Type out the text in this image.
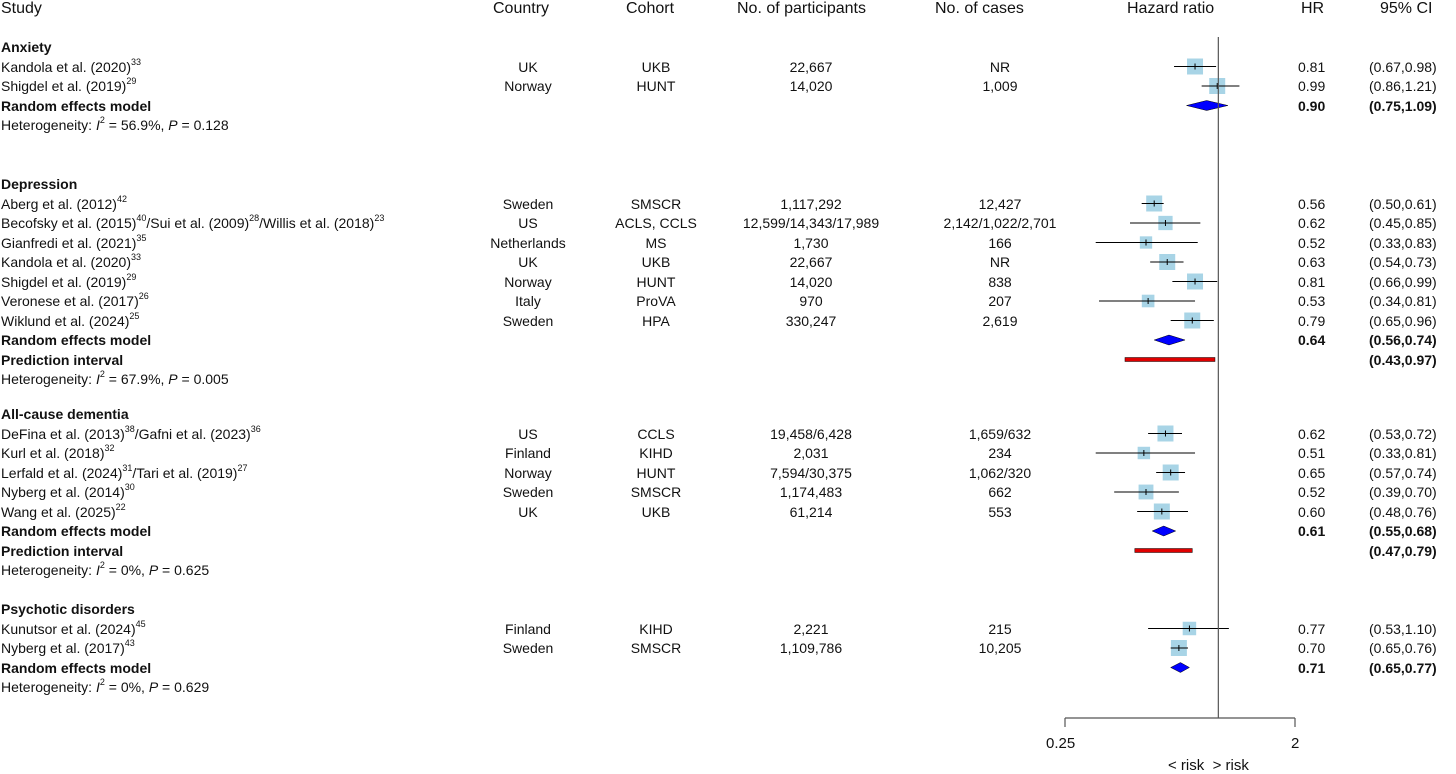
Study	Country	Cohort	No. of participants	No. of cases	Hazard ratio	HR	95% CI
Anxiety
Kandola et al. $(2020)^{33}$	UK	UKB	22,667	NR	0.81	(0.67,0.98)
Shigdel et al. $(2019)^{29}$	Norway	HUNT	14,020	1,009	0.99	(0.86,1.21)
Random effects model	0.90	(0.75,1.09)
Heterogeneity: $I^2 = 56.9\%$, P = 0.128
Depression
Aberg et al. $(2012)^{42}$	Sweden	SMSCR	1,117,292	12,427	0.56	(0.50,0.61)
Becofsky et al. $(2015)^{40}$/Sui et al. $(2009)^{28}$/Willis et al. $(2018)^{23}$	US	ACLS, CCLS	12,599/14,343/17,989	2,142/1,022/2,701	0.62	(0.45,0.85)
Gianfredi et al. $(2021)^{35}$	Netherlands	MS	1,730	166	0.52	(0.33,0.83)
Kandola et al. $(2020)^{33}$	UK	UKB	22,667	NR	0.63	(0.54,0.73)
Shigdel et al. $(2019)^{29}$	Norway	HUNT	14,020	838	0.81	(0.66,0.99)
Veronese et al. $(2017)^{26}$	Italy	ProVA	970	207	0.53	(0.34,0.81)
Wiklund et al. $(2024)^{25}$	Sweden	HPA	330,247	2,619	0.79	(0.65,0.96)
Random effects model	0.64	(0.56,0.74)
Prediction interval	(0.43,0.97)
Heterogeneity: $I^2 = 67.9\%$, P = 0.005
All-cause dementia
DeFina et al. $(2013)^{38}$/Gafni et al. $(2023)^{36}$	US	CCLS	19,458/6,428	1,659/632	0.62	(0.53,0.72)
Kurl et al. $(2018)^{32}$	Finland	KIHD	2,031	234	0.51	(0.33,0.81)
Lerfald et al. $(2024)^{31}$/Tari et al. $(2019)^{27}$	Norway	HUNT	7,594/30,375	1,062/320	0.65	(0.57,0.74)
Nyberg et al. $(2014)^{30}$	Sweden	SMSCR	1,174,483	662	0.52	(0.39,0.70)
Wang et al. $(2025)^{22}$	UK	UKB	61,214	553	0.60	(0.48,0.76)
Random effects model	0.61	(0.55,0.68)
Prediction interval	(0.47,0.79)
Heterogeneity: $I^2 = 0\%$, P = 0.625
Psychotic disorders
Kunutsor et al. $(2024)^{45}$	Finland	KIHD	2,221	215	0.77	(0.53,1.10)
Nyberg et al. $(2017)^{43}$	Sweden	SMSCR	1,109,786	10,205	0.70	(0.65,0.76)
Random effects model	0.71	(0.65,0.77)
Heterogeneity: $I^2 = 0\%$, P = 0.629
0.25	2
< risk  > risk
